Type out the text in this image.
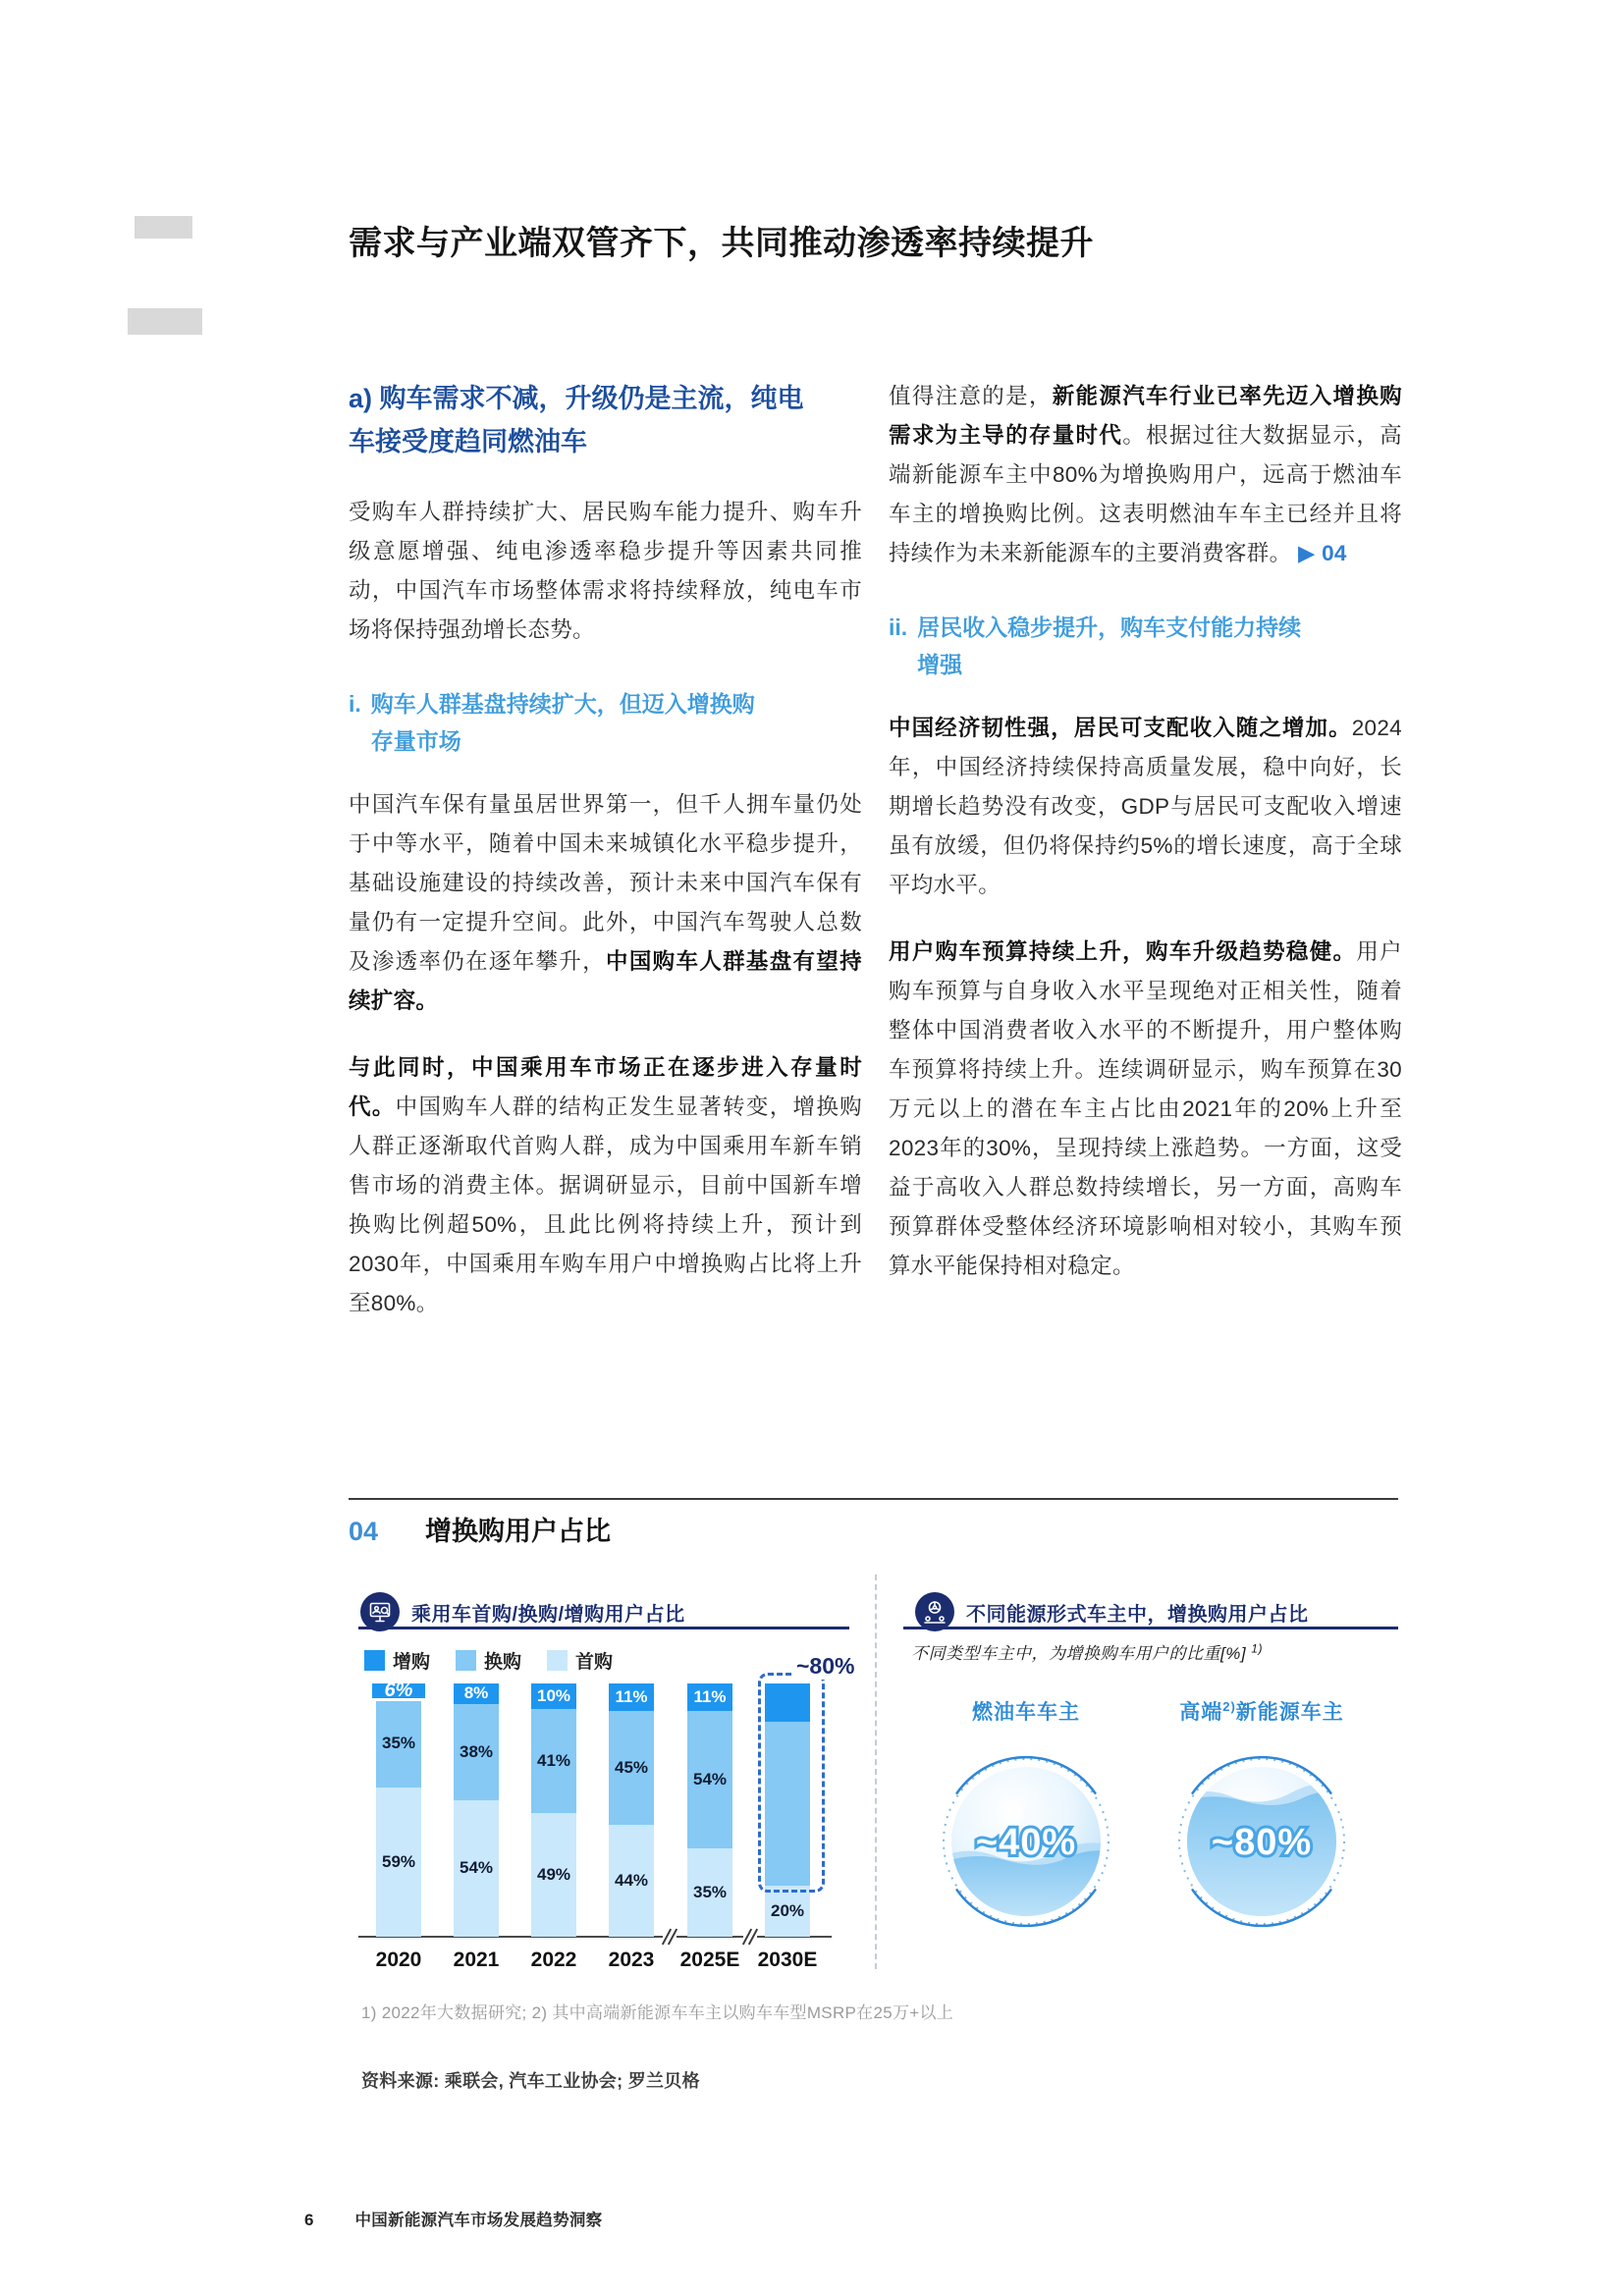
需求与产业端双管齐下，共同推动渗透率持续提升
a) 购车需求不减，升级仍是主流，纯电车接受度趋同燃油车

受购车人群持续扩大、居民购车能力提升、购车升级意愿增强、纯电渗透率稳步提升等因素共同推动，中国汽车市场整体需求将持续释放，纯电车市场将保持强劲增长态势。

i. 购车人群基盘持续扩大，但迈入增换购存量市场

中国汽车保有量虽居世界第一，但千人拥车量仍处于中等水平，随着中国未来城镇化水平稳步提升，基础设施建设的持续改善，预计未来中国汽车保有量仍有一定提升空间。此外，中国汽车驾驶人总数及渗透率仍在逐年攀升，中国购车人群基盘有望持续扩容。

与此同时，中国乘用车市场正在逐步进入存量时代。中国购车人群的结构正发生显著转变，增换购人群正逐渐取代首购人群，成为中国乘用车新车销售市场的消费主体。据调研显示，目前中国新车增换购比例超50%，且此比例将持续上升，预计到2030年，中国乘用车购车用户中增换购占比将上升至80%。

值得注意的是，新能源汽车行业已率先迈入增换购需求为主导的存量时代。根据过往大数据显示，高端新能源车主中80%为增换购用户，远高于燃油车车主的增换购比例。这表明燃油车车主已经并且将持续作为未来新能源车的主要消费客群。 ▶ 04

ii. 居民收入稳步提升，购车支付能力持续增强

中国经济韧性强，居民可支配收入随之增加。2024年，中国经济持续保持高质量发展，稳中向好，长期增长趋势没有改变，GDP与居民可支配收入增速虽有放缓，但仍将保持约5%的增长速度，高于全球平均水平。

用户购车预算持续上升，购车升级趋势稳健。用户购车预算与自身收入水平呈现绝对正相关性，随着整体中国消费者收入水平的不断提升，用户整体购车预算将持续上升。连续调研显示，购车预算在30万元以上的潜在车主占比由2021年的20%上升至2023年的30%，呈现持续上涨趋势。一方面，这受益于高收入人群总数持续增长，另一方面，高购车预算群体受整体经济环境影响相对较小，其购车预算水平能保持相对稳定。

04 增换购用户占比
乘用车首购/换购/增购用户占比
增购	换购	首购	~80%
6%
35%
59%
2020
8%
38%
54%
2021
10%
41%
49%
2022
11%
45%
44%
2023
11%
54%
35%
2025E
20%
2030E
不同能源形式车主中，增换购用户占比
不同类型车主中，为增换购车用户的比重[%] $^{1)}$
燃油车车主	高端$^{2)}$新能源车主
~40%	~80%
1) 2022年大数据研究; 2) 其中高端新能源车车主以购车车型MSRP在25万+以上
资料来源: 乘联会, 汽车工业协会; 罗兰贝格
6	中国新能源汽车市场发展趋势洞察
